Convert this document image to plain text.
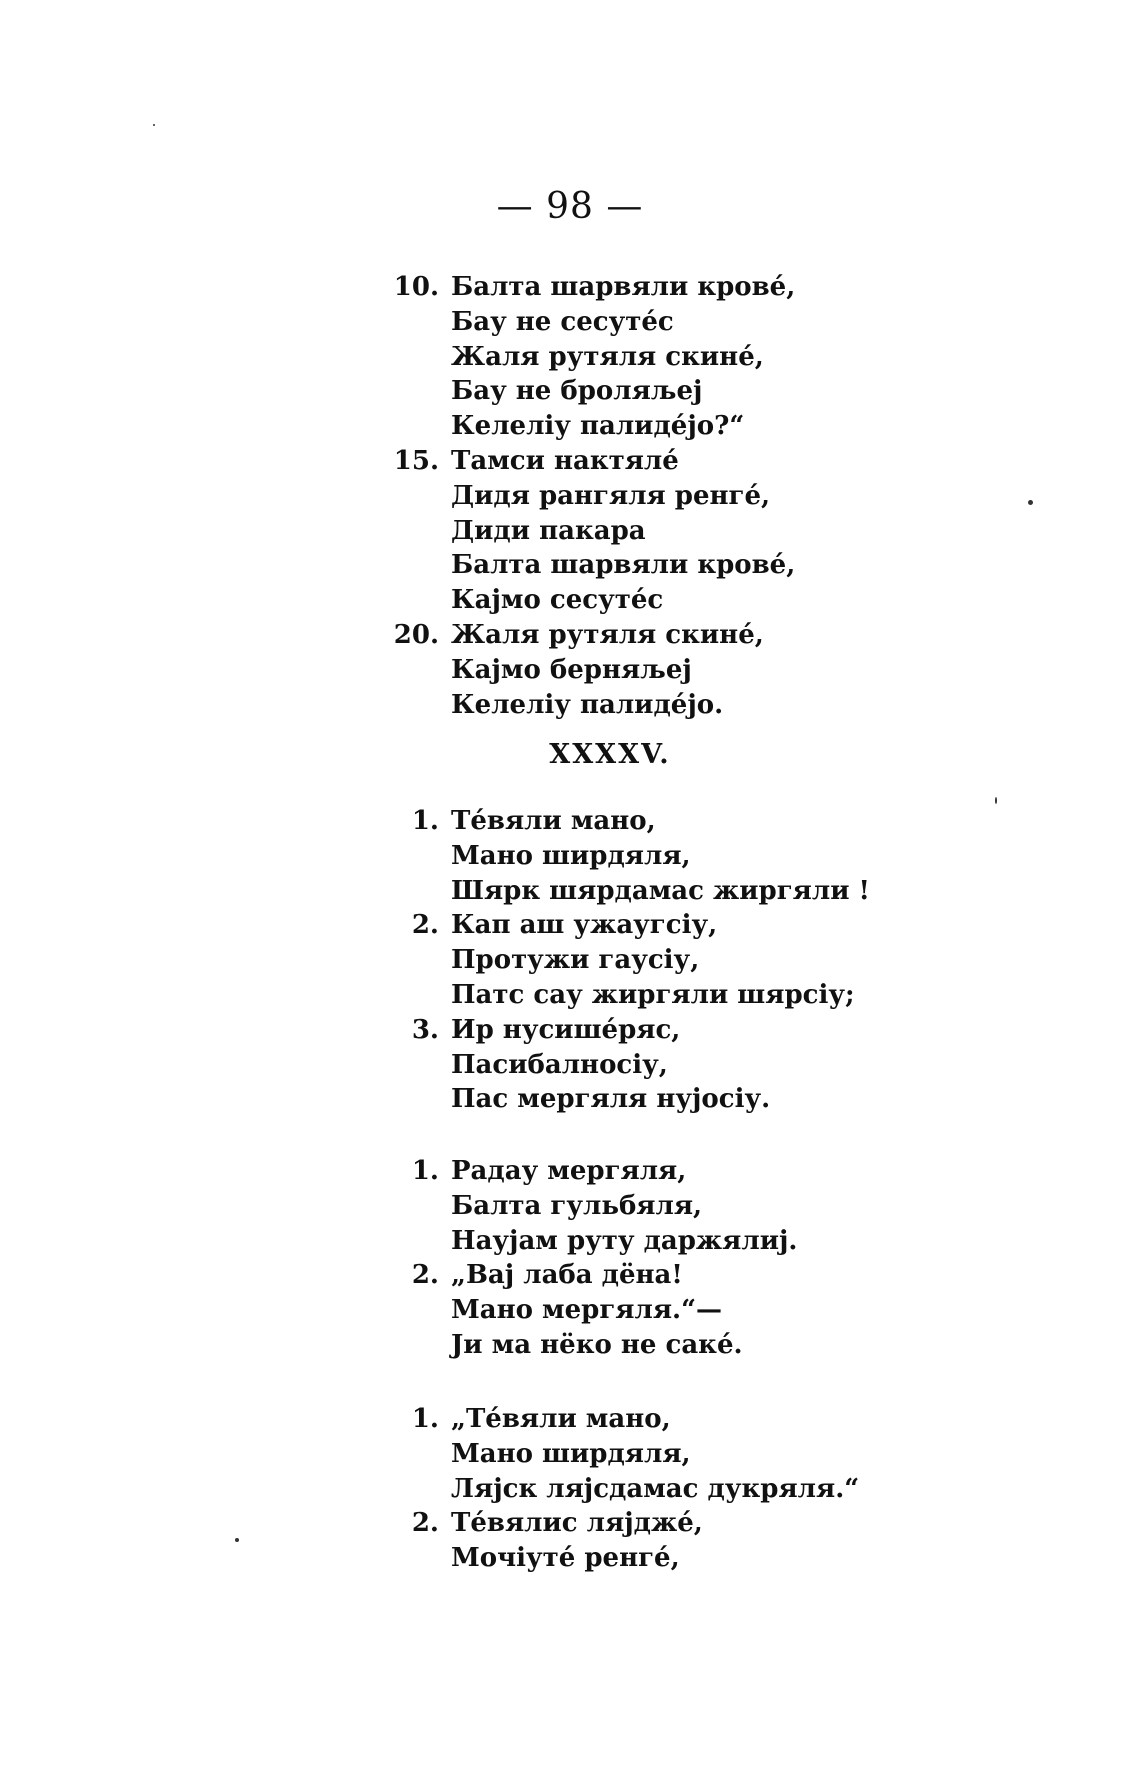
— 98 —
10. Балта шарвяли крове́,
Бау не сесуте́с
Жаля рутяля скине́,
Бау не броляљеј
Келеліу палиде́јо?“
15. Тамси нактяле́
Дидя рангяля ренге́,
Диди пакара
Балта шарвяли крове́,
Кајмо сесуте́с
20. Жаля рутяля скине́,
Кајмо берняљеј
Келеліу палиде́јо.
XXXXV.
1. Те́вяли мано,
Мано ширдяля,
Шярк шярдамас жиргяли !
2. Кап аш ужаугсіу,
Протужи гаусіу,
Патс сау жиргяли шярсіу;
3. Ир нусише́ряс,
Пасибалносіу,
Пас мергяля нујосіу.
1. Радау мергяля,
Балта гульбяля,
Наујам руту даржялиј.
2. „Вај лаба дёна!
Мано мергяля.“—
Ји ма нёко не саке́.
1. „Те́вяли мано,
Мано ширдяля,
Ляјск ляјсдамас дукряля.“
2. Те́вялис ляјдже́,
Мочіуте́ ренге́,
